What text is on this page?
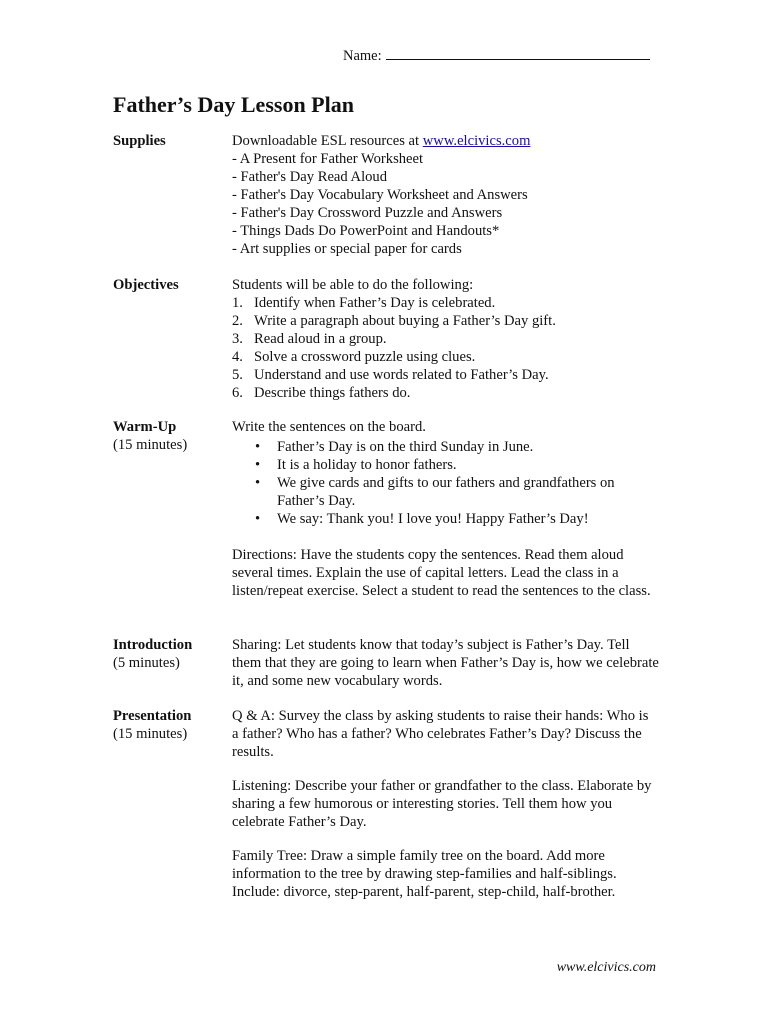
Name:
Father’s Day Lesson Plan
Supplies	Downloadable ESL resources at www.elcivics.com
- A Present for Father Worksheet
- Father's Day Read Aloud
- Father's Day Vocabulary Worksheet and Answers
- Father's Day Crossword Puzzle and Answers
- Things Dads Do PowerPoint and Handouts*
- Art supplies or special paper for cards
Objectives	Students will be able to do the following:
1. Identify when Father’s Day is celebrated.
2. Write a paragraph about buying a Father’s Day gift.
3. Read aloud in a group.
4. Solve a crossword puzzle using clues.
5. Understand and use words related to Father’s Day.
6. Describe things fathers do.
Warm-Up
(15 minutes)
Write the sentences on the board.
• Father’s Day is on the third Sunday in June.
• It is a holiday to honor fathers.
• We give cards and gifts to our fathers and grandfathers on Father’s Day.
• We say: Thank you! I love you! Happy Father’s Day!

Directions: Have the students copy the sentences. Read them aloud several times. Explain the use of capital letters. Lead the class in a listen/repeat exercise. Select a student to read the sentences to the class.

Introduction
(5 minutes)

Sharing: Let students know that today’s subject is Father’s Day. Tell them that they are going to learn when Father’s Day is, how we celebrate it, and some new vocabulary words.

Presentation
(15 minutes)

Q & A: Survey the class by asking students to raise their hands: Who is a father? Who has a father? Who celebrates Father’s Day? Discuss the results.

Listening: Describe your father or grandfather to the class. Elaborate by sharing a few humorous or interesting stories. Tell them how you celebrate Father’s Day.

Family Tree: Draw a simple family tree on the board. Add more information to the tree by drawing step-families and half-siblings. Include: divorce, step-parent, half-parent, step-child, half-brother.

www.elcivics.com
